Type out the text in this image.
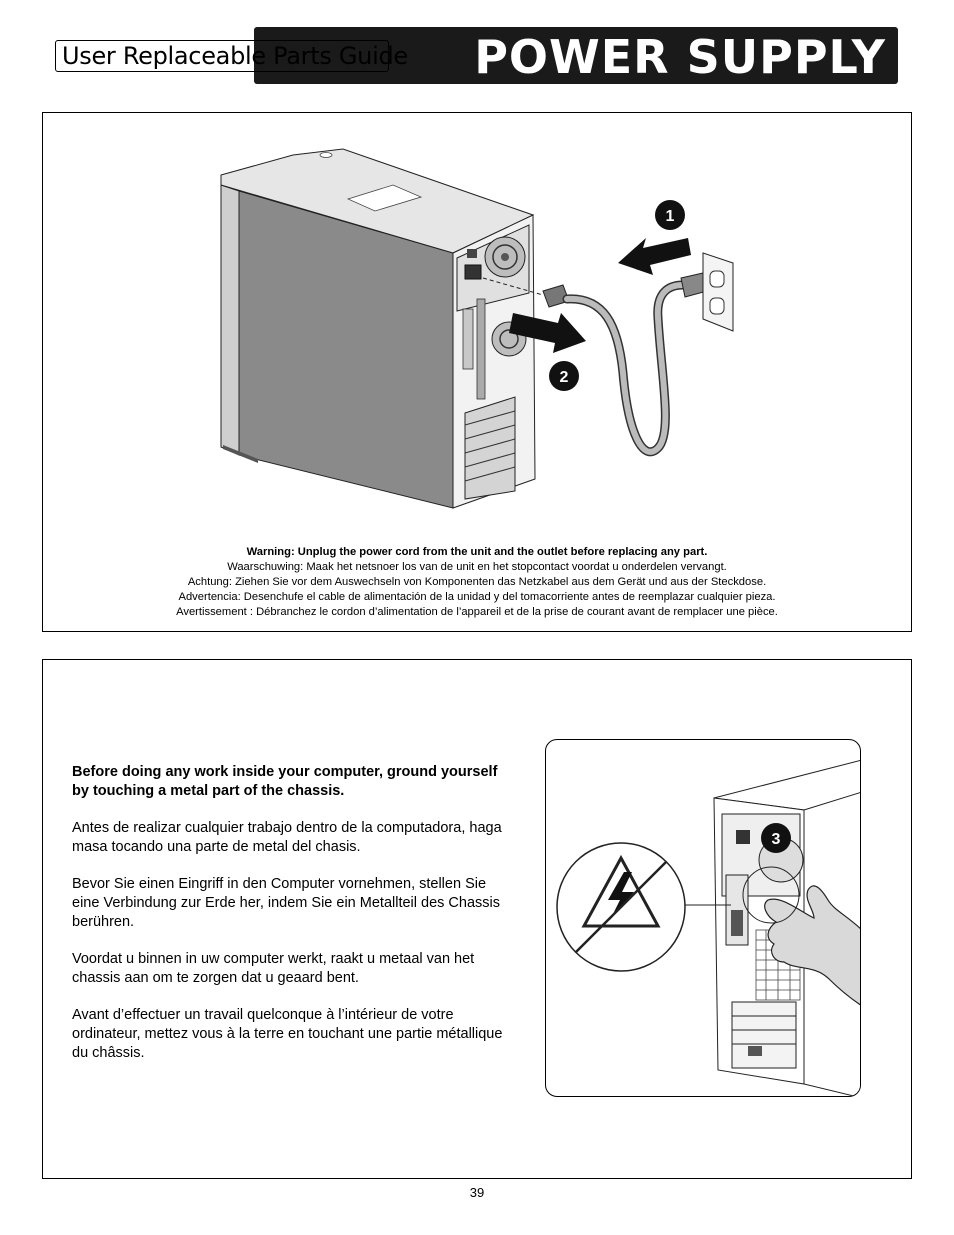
POWER SUPPLY
User Replaceable Parts Guide
1
2
Warning: Unplug the power cord from the unit and the outlet before replacing any part.
Waarschuwing: Maak het netsnoer los van de unit en het stopcontact voordat u onderdelen vervangt.
Achtung: Ziehen Sie vor dem Auswechseln von Komponenten das Netzkabel aus dem Gerät und aus der Steckdose.
Advertencia: Desenchufe el cable de alimentación de la unidad y del tomacorriente antes de reemplazar cualquier pieza.
Avertissement : Débranchez le cordon d’alimentation de l’appareil et de la prise de courant avant de remplacer une pièce.

Before doing any work inside your computer, ground yourself by touching a metal part of the chassis.

Antes de realizar cualquier trabajo dentro de la computadora, haga masa tocando una parte de metal del chasis.

Bevor Sie einen Eingriff in den Computer vornehmen, stellen Sie eine Verbindung zur Erde her, indem Sie ein Metallteil des Chassis berühren.

Voordat u binnen in uw computer werkt, raakt u metaal van het chassis aan om te zorgen dat u geaard bent.

Avant d’effectuer un travail quelconque à l’intérieur de votre ordinateur, mettez vous à la terre en touchant une partie métallique du châssis.

3
39
